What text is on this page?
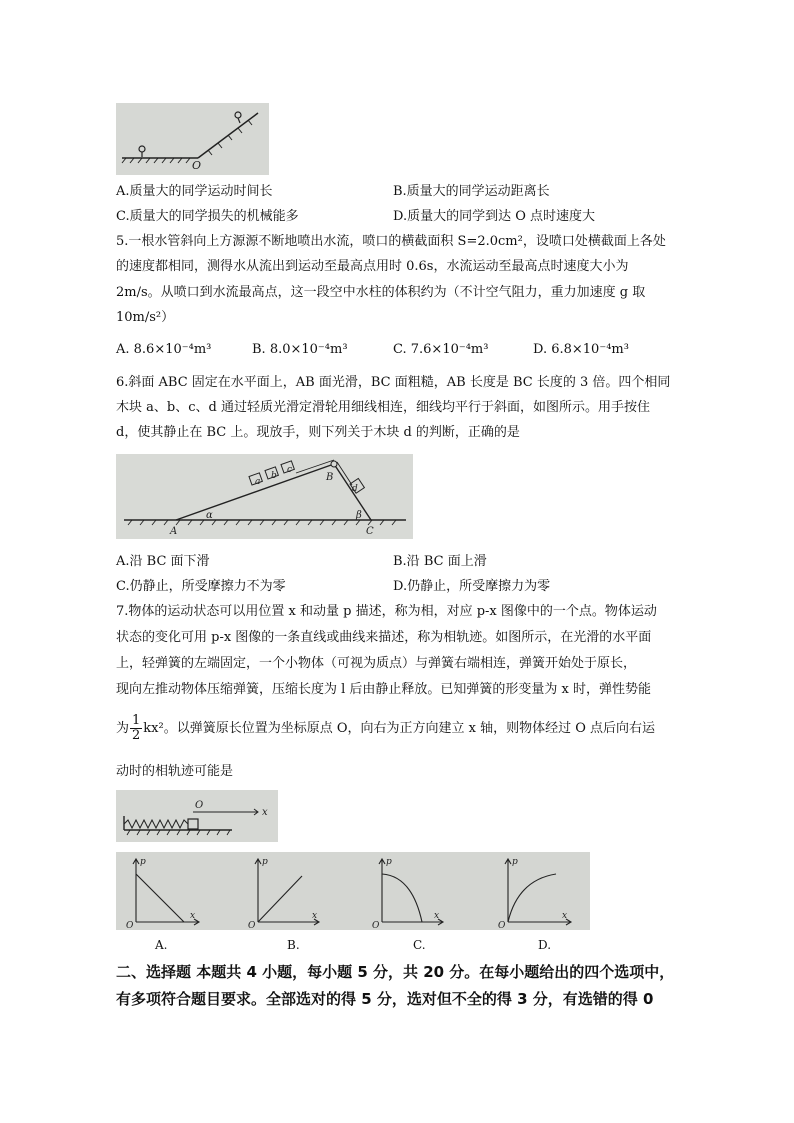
O
A.质量大的同学运动时间长	B.质量大的同学运动距离长
C.质量大的同学损失的机械能多	D.质量大的同学到达 O 点时速度大
5.一根水管斜向上方源源不断地喷出水流，喷口的横截面积 S=2.0cm²，设喷口处横截面上各处
的速度都相同，测得水从流出到运动至最高点用时 0.6s，水流运动至最高点时速度大小为
2m/s。从喷口到水流最高点，这一段空中水柱的体积约为（不计空气阻力，重力加速度 g 取
10m/s²）
A. 8.6×10⁻⁴m³	B. 8.0×10⁻⁴m³	C. 7.6×10⁻⁴m³	D. 6.8×10⁻⁴m³
6.斜面 ABC 固定在水平面上，AB 面光滑，BC 面粗糙，AB 长度是 BC 长度的 3 倍。四个相同
木块 a、b、c、d 通过轻质光滑定滑轮用细线相连，细线均平行于斜面，如图所示。用手按住
d，使其静止在 BC 上。现放手，则下列关于木块 d 的判断，正确的是
a
b
c
d
A
B
C
α	β
A.沿 BC 面下滑	B.沿 BC 面上滑
C.仍静止，所受摩擦力不为零	D.仍静止，所受摩擦力为零
7.物体的运动状态可以用位置 x 和动量 p 描述，称为相，对应 p-x 图像中的一个点。物体运动
状态的变化可用 p-x 图像的一条直线或曲线来描述，称为相轨迹。如图所示，在光滑的水平面
上，轻弹簧的左端固定，一个小物体（可视为质点）与弹簧右端相连，弹簧开始处于原长，
现向左推动物体压缩弹簧，压缩长度为 l 后由静止释放。已知弹簧的形变量为 x 时，弹性势能
为 $\frac{1}{2} kx^2$。以弹簧原长位置为坐标原点 O，向右为正方向建立 x 轴，则物体经过 O 点后向右运
动时的相轨迹可能是
O
x
p
x
O
p
x
O
p
x
O
p
x
O
A.	B.	C.	D.
二、选择题 本题共 4 小题，每小题 5 分，共 20 分。在每小题给出的四个选项中，
有多项符合题目要求。全部选对的得 5 分，选对但不全的得 3 分，有选错的得 0
